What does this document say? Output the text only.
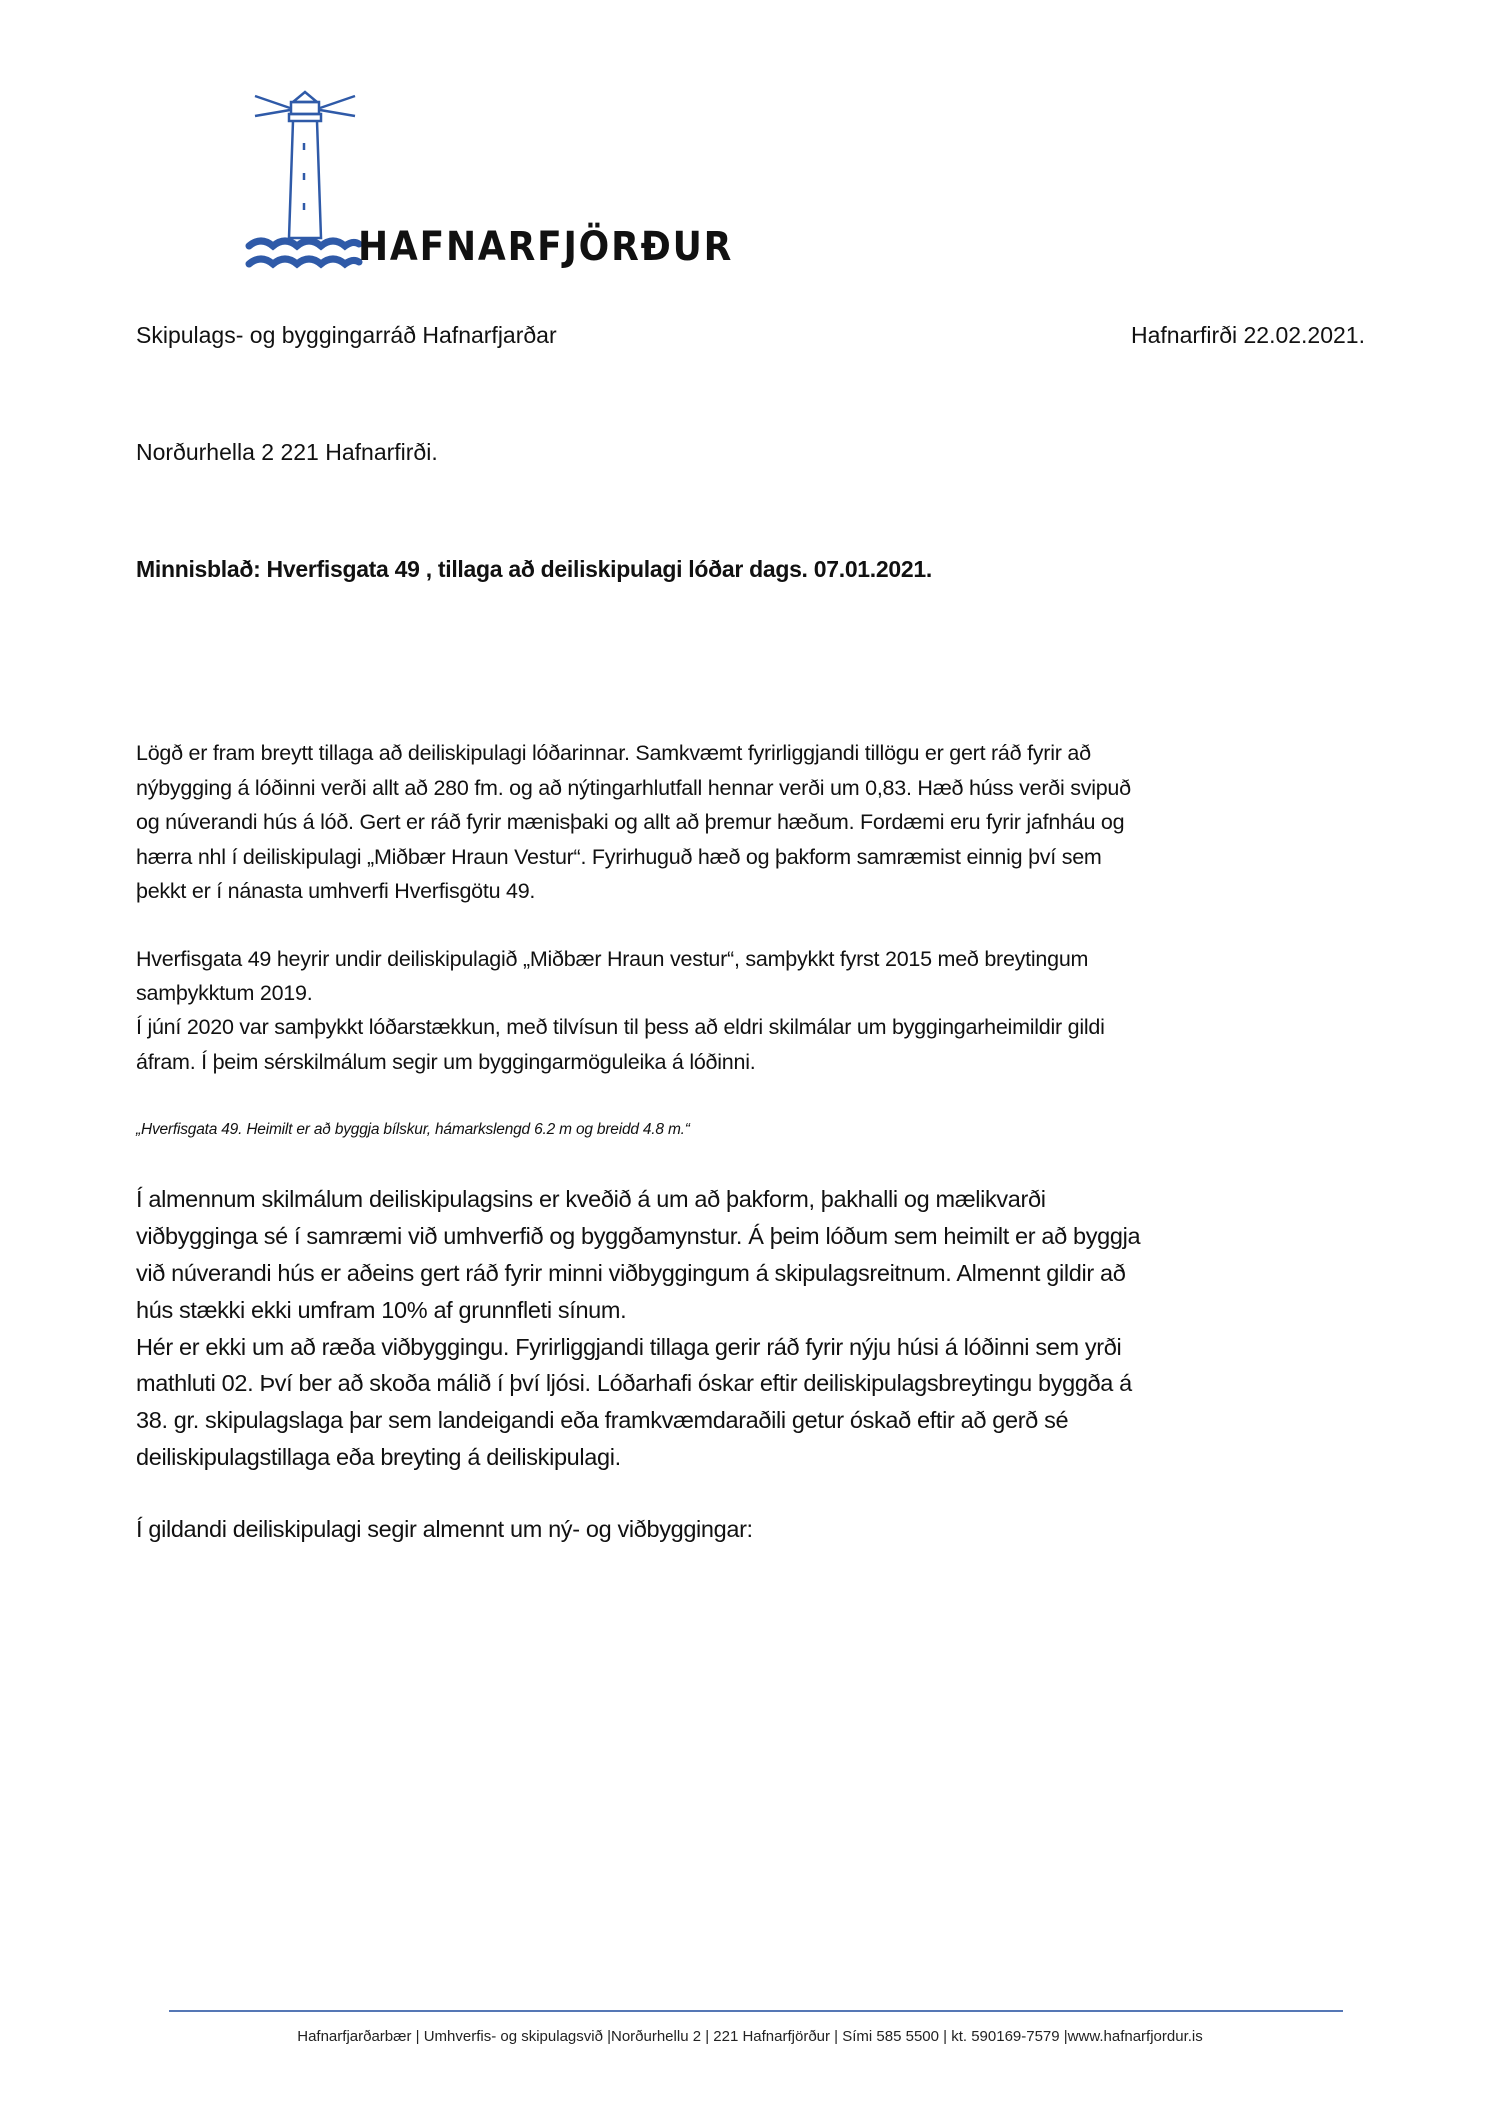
HAFNARFJÖRÐUR
Skipulags- og byggingarráð Hafnarfjarðar	Hafnarfirði 22.02.2021.
Norðurhella 2 221 Hafnarfirði.
Minnisblað: Hverfisgata 49 , tillaga að deiliskipulagi lóðar dags. 07.01.2021.
Lögð er fram breytt tillaga að deiliskipulagi lóðarinnar. Samkvæmt fyrirliggjandi tillögu er gert ráð fyrir að
nýbygging á lóðinni verði allt að 280 fm. og að nýtingarhlutfall hennar verði um 0,83. Hæð húss verði svipuð
og núverandi hús á lóð. Gert er ráð fyrir mænisþaki og allt að þremur hæðum. Fordæmi eru fyrir jafnháu og
hærra nhl í deiliskipulagi „Miðbær Hraun Vestur“. Fyrirhuguð hæð og þakform samræmist einnig því sem
þekkt er í nánasta umhverfi Hverfisgötu 49.
Hverfisgata 49 heyrir undir deiliskipulagið „Miðbær Hraun vestur“, samþykkt fyrst 2015 með breytingum
samþykktum 2019.
Í júní 2020 var samþykkt lóðarstækkun, með tilvísun til þess að eldri skilmálar um byggingarheimildir gildi
áfram. Í þeim sérskilmálum segir um byggingarmöguleika á lóðinni.
„Hverfisgata 49. Heimilt er að byggja bílskur, hámarkslengd 6.2 m og breidd 4.8 m.“
Í almennum skilmálum deiliskipulagsins er kveðið á um að þakform, þakhalli og mælikvarði
viðbygginga sé í samræmi við umhverfið og byggðamynstur. Á þeim lóðum sem heimilt er að byggja
við núverandi hús er aðeins gert ráð fyrir minni viðbyggingum á skipulagsreitnum. Almennt gildir að
hús stækki ekki umfram 10% af grunnfleti sínum.
Hér er ekki um að ræða viðbyggingu. Fyrirliggjandi tillaga gerir ráð fyrir nýju húsi á lóðinni sem yrði
mathluti 02. Því ber að skoða málið í því ljósi. Lóðarhafi óskar eftir deiliskipulagsbreytingu byggða á
38. gr. skipulagslaga þar sem landeigandi eða framkvæmdaraðili getur óskað eftir að gerð sé
deiliskipulagstillaga eða breyting á deiliskipulagi.
Í gildandi deiliskipulagi segir almennt um ný- og viðbyggingar:
Hafnarfjarðarbær | Umhverfis- og skipulagsvið |Norðurhellu 2 | 221 Hafnarfjörður | Sími 585 5500 | kt. 590169-7579 |www.hafnarfjordur.is
